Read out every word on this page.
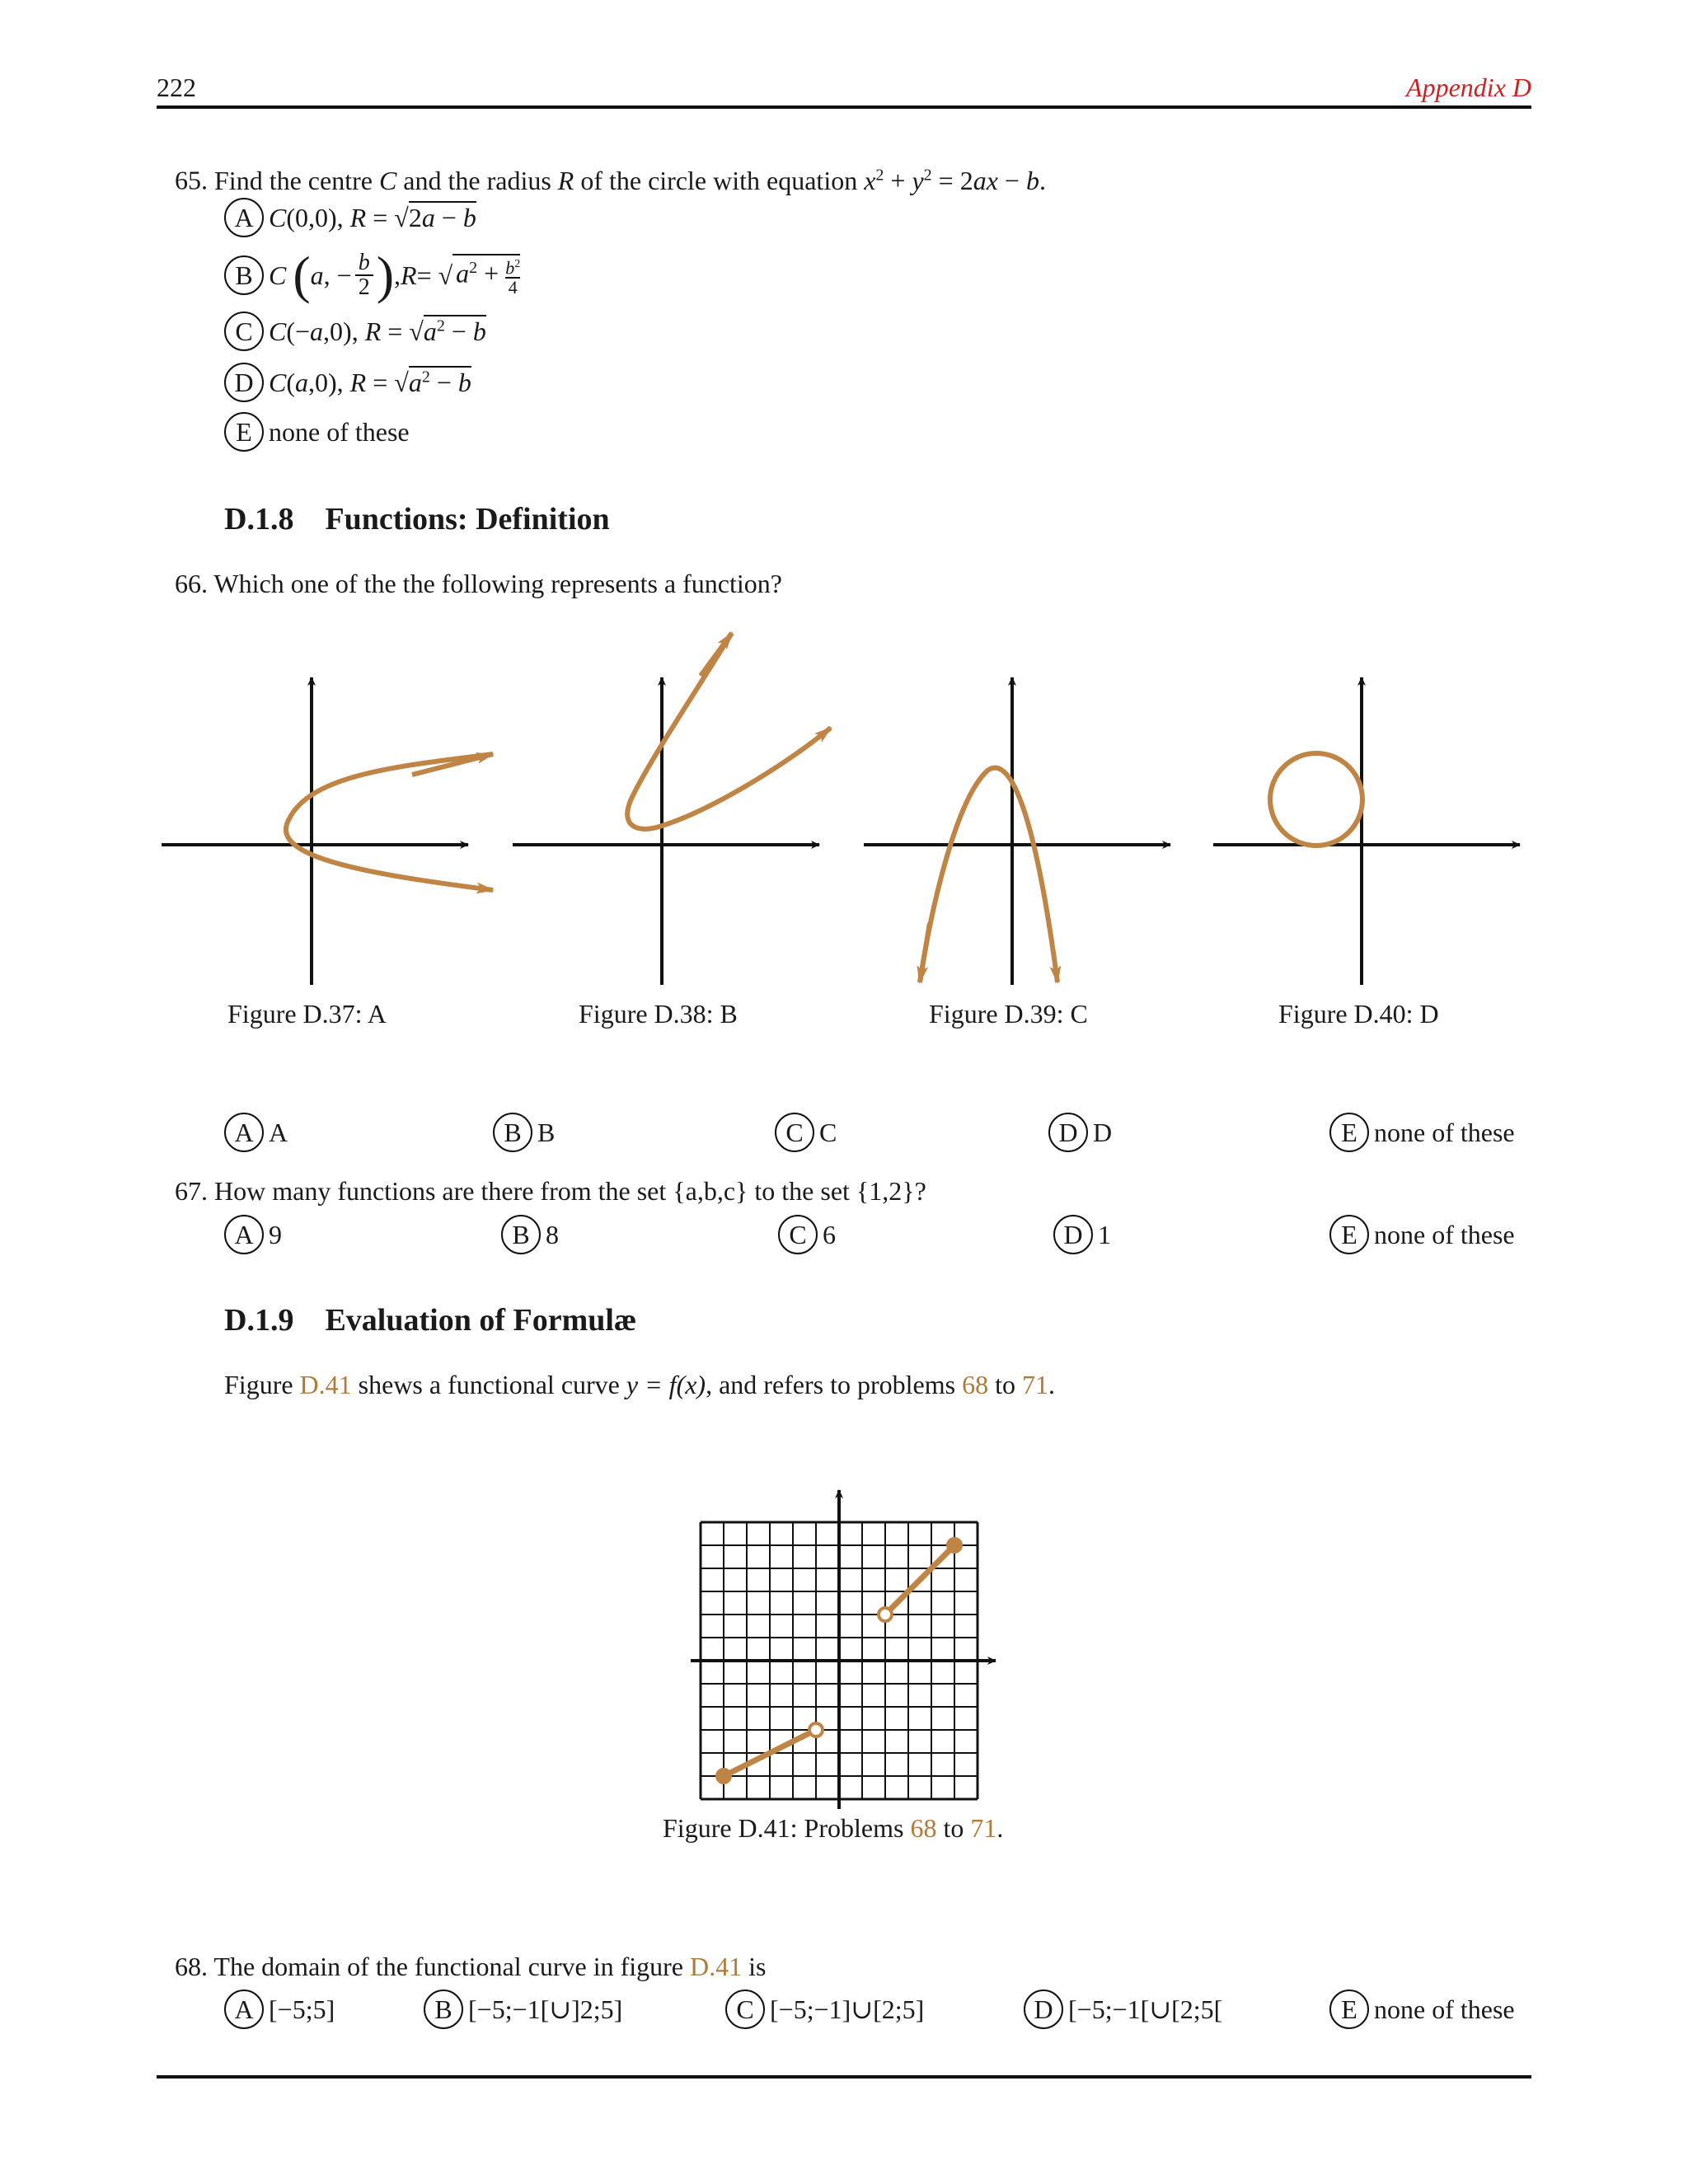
222	Appendix D
65. Find the centre C and the radius R of the circle with equation $x^2 + y^2 = 2ax - b$.
A C(0,0), R = √2a − b
B C
( a , − b
2 ) , R = √ $a^2 + \frac{b^2}{4}$
C C(−a,0), $R = √a^2 - b$
D C(a,0), $R = √a^2 - b$
E none of these
D.1.8 Functions: Definition
66. Which one of the the following represents a function?
Figure D.37: A	Figure D.38: B	Figure D.39: C	Figure D.40: D
A A	B B	C C	D D	E none of these
67. How many functions are there from the set {a,b,c} to the set {1,2}?
A 9	B 8	C 6	D 1	E none of these
D.1.9 Evaluation of Formulæ
Figure D.41 shews a functional curve y = f(x), and refers to problems 68 to 71.
Figure D.41: Problems 68 to 71.
68. The domain of the functional curve in figure D.41 is
A [−5;5]	B [−5;−1[∪]2;5]	C [−5;−1]∪[2;5]	D [−5;−1[∪[2;5[	E none of these
